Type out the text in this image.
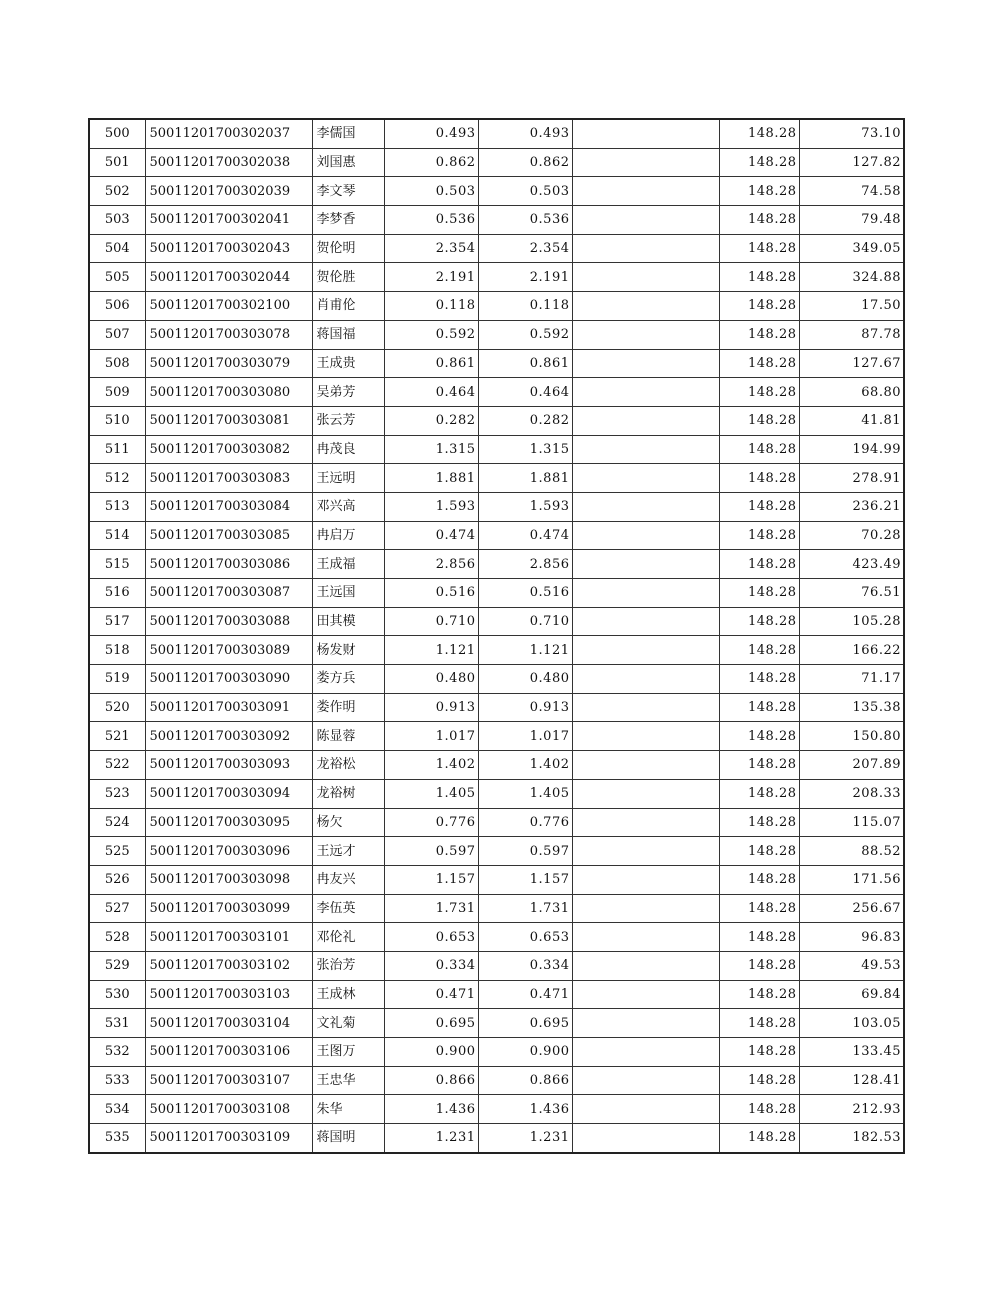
500	50011201700302037	李儒国	0.493	0.493		148.28	73.10
501	50011201700302038	刘国惠	0.862	0.862		148.28	127.82
502	50011201700302039	李文琴	0.503	0.503		148.28	74.58
503	50011201700302041	李梦香	0.536	0.536		148.28	79.48
504	50011201700302043	贺伦明	2.354	2.354		148.28	349.05
505	50011201700302044	贺伦胜	2.191	2.191		148.28	324.88
506	50011201700302100	肖甫伦	0.118	0.118		148.28	17.50
507	50011201700303078	蒋国福	0.592	0.592		148.28	87.78
508	50011201700303079	王成贵	0.861	0.861		148.28	127.67
509	50011201700303080	吴弟芳	0.464	0.464		148.28	68.80
510	50011201700303081	张云芳	0.282	0.282		148.28	41.81
511	50011201700303082	冉茂良	1.315	1.315		148.28	194.99
512	50011201700303083	王远明	1.881	1.881		148.28	278.91
513	50011201700303084	邓兴高	1.593	1.593		148.28	236.21
514	50011201700303085	冉启万	0.474	0.474		148.28	70.28
515	50011201700303086	王成福	2.856	2.856		148.28	423.49
516	50011201700303087	王远国	0.516	0.516		148.28	76.51
517	50011201700303088	田其模	0.710	0.710		148.28	105.28
518	50011201700303089	杨发财	1.121	1.121		148.28	166.22
519	50011201700303090	娄方兵	0.480	0.480		148.28	71.17
520	50011201700303091	娄作明	0.913	0.913		148.28	135.38
521	50011201700303092	陈显蓉	1.017	1.017		148.28	150.80
522	50011201700303093	龙裕松	1.402	1.402		148.28	207.89
523	50011201700303094	龙裕树	1.405	1.405		148.28	208.33
524	50011201700303095	杨欠	0.776	0.776		148.28	115.07
525	50011201700303096	王远才	0.597	0.597		148.28	88.52
526	50011201700303098	冉友兴	1.157	1.157		148.28	171.56
527	50011201700303099	李伍英	1.731	1.731		148.28	256.67
528	50011201700303101	邓伦礼	0.653	0.653		148.28	96.83
529	50011201700303102	张治芳	0.334	0.334		148.28	49.53
530	50011201700303103	王成林	0.471	0.471		148.28	69.84
531	50011201700303104	文礼菊	0.695	0.695		148.28	103.05
532	50011201700303106	王图万	0.900	0.900		148.28	133.45
533	50011201700303107	王忠华	0.866	0.866		148.28	128.41
534	50011201700303108	朱华	1.436	1.436		148.28	212.93
535	50011201700303109	蒋国明	1.231	1.231		148.28	182.53
